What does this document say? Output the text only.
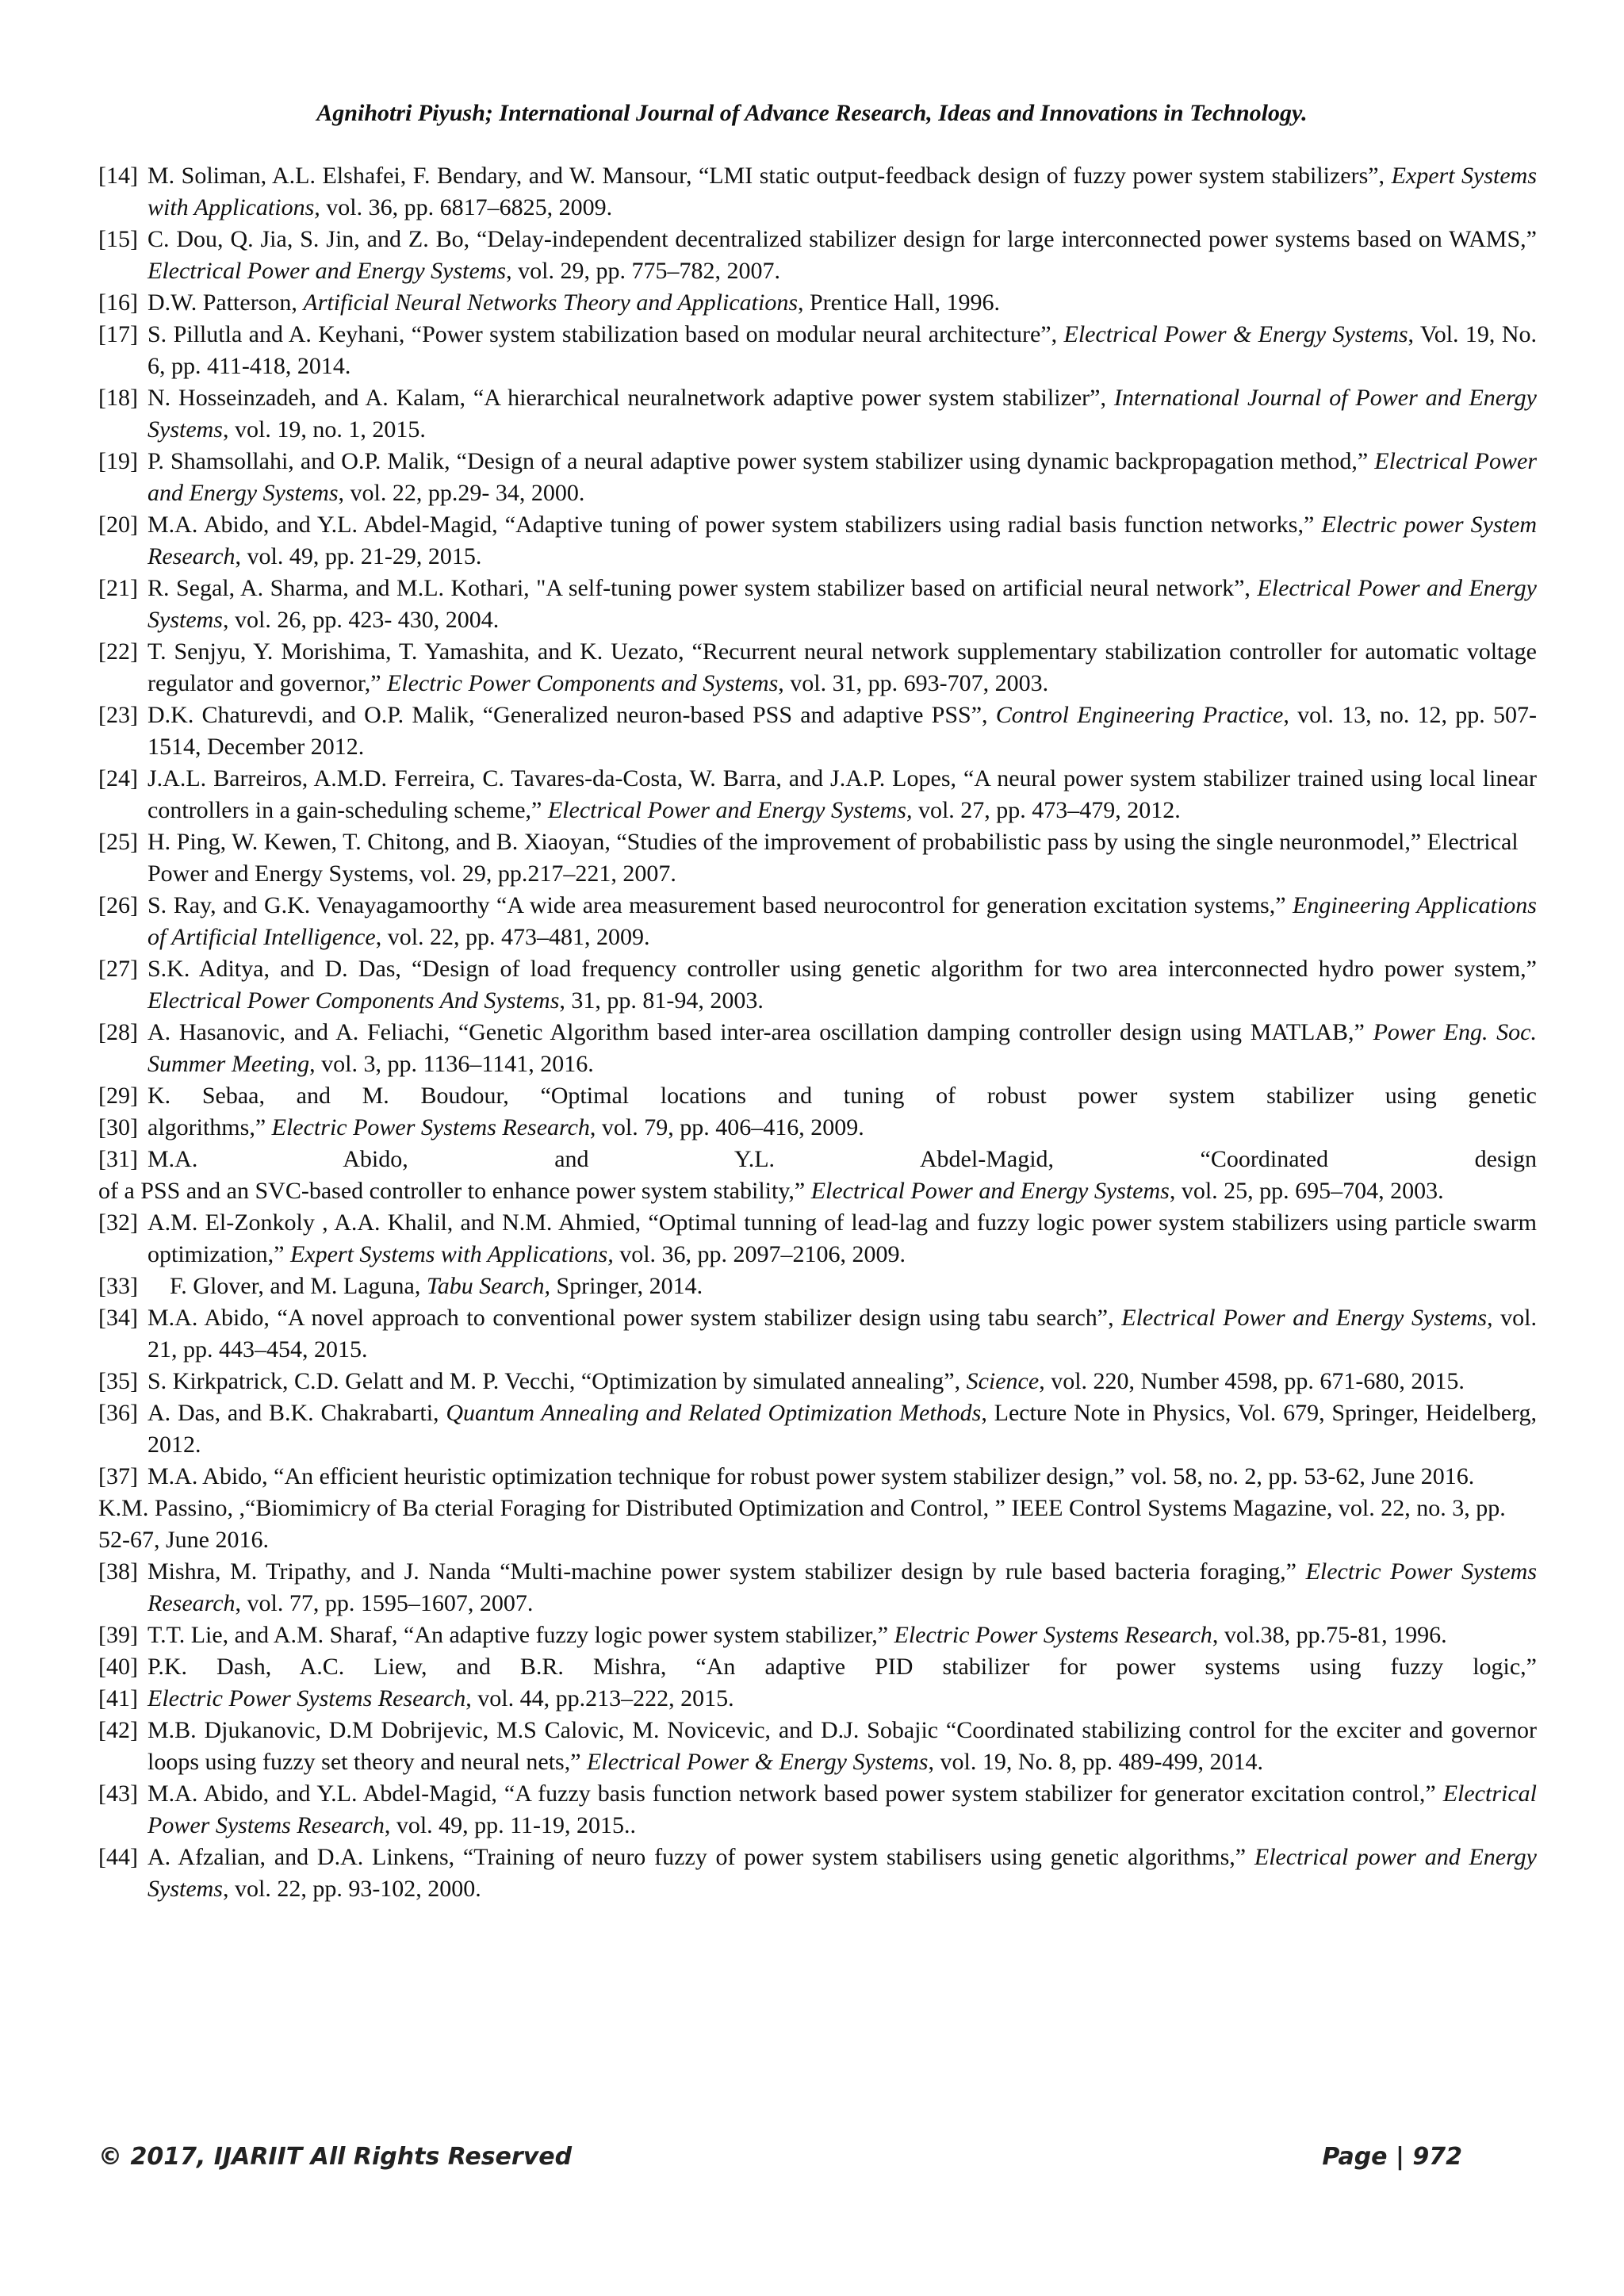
Agnihotri Piyush; International Journal of Advance Research, Ideas and Innovations in Technology.
[14] M. Soliman, A.L. Elshafei, F. Bendary, and W. Mansour, “LMI static output-feedback design of fuzzy power system stabilizers”, Expert Systems with Applications, vol. 36, pp. 6817–6825, 2009.
[15] C. Dou, Q. Jia, S. Jin, and Z. Bo, “Delay-independent decentralized stabilizer design for large interconnected power systems based on WAMS,” Electrical Power and Energy Systems, vol. 29, pp. 775–782, 2007.
[16] D.W. Patterson, Artificial Neural Networks Theory and Applications, Prentice Hall, 1996.
[17] S. Pillutla and A. Keyhani, “Power system stabilization based on modular neural architecture”, Electrical Power & Energy Systems, Vol. 19, No. 6, pp. 411-418, 2014.
[18] N. Hosseinzadeh, and A. Kalam, “A hierarchical neuralnetwork adaptive power system stabilizer”, International Journal of Power and Energy Systems, vol. 19, no. 1, 2015.
[19] P. Shamsollahi, and O.P. Malik, “Design of a neural adaptive power system stabilizer using dynamic backpropagation method,” Electrical Power and Energy Systems, vol. 22, pp.29- 34, 2000.
[20] M.A. Abido, and Y.L. Abdel-Magid, “Adaptive tuning of power system stabilizers using radial basis function networks,” Electric power System Research, vol. 49, pp. 21-29, 2015.
[21] R. Segal, A. Sharma, and M.L. Kothari, "A self-tuning power system stabilizer based on artificial neural network”, Electrical Power and Energy Systems, vol. 26, pp. 423- 430, 2004.
[22] T. Senjyu, Y. Morishima, T. Yamashita, and K. Uezato, “Recurrent neural network supplementary stabilization controller for automatic voltage regulator and governor,” Electric Power Components and Systems, vol. 31, pp. 693-707, 2003.
[23] D.K. Chaturevdi, and O.P. Malik, “Generalized neuron-based PSS and adaptive PSS”, Control Engineering Practice, vol. 13, no. 12, pp. 507-1514, December 2012.
[24] J.A.L. Barreiros, A.M.D. Ferreira, C. Tavares-da-Costa, W. Barra, and J.A.P. Lopes, “A neural power system stabilizer trained using local linear controllers in a gain-scheduling scheme,” Electrical Power and Energy Systems, vol. 27, pp. 473–479, 2012.
[25] H. Ping, W. Kewen, T. Chitong, and B. Xiaoyan, “Studies of the improvement of probabilistic pass by using the single neuronmodel,” Electrical Power and Energy Systems, vol. 29, pp.217–221, 2007.
[26] S. Ray, and G.K. Venayagamoorthy “A wide area measurement based neurocontrol for generation excitation systems,” Engineering Applications of Artificial Intelligence, vol. 22, pp. 473–481, 2009.
[27] S.K. Aditya, and D. Das, “Design of load frequency controller using genetic algorithm for two area interconnected hydro power system,” Electrical Power Components And Systems, 31, pp. 81-94, 2003.
[28] A. Hasanovic, and A. Feliachi, “Genetic Algorithm based inter-area oscillation damping controller design using MATLAB,” Power Eng. Soc. Summer Meeting, vol. 3, pp. 1136–1141, 2016.
[29] K. Sebaa, and M. Boudour, “Optimal locations and tuning of robust power system stabilizer using genetic
[30] algorithms,” Electric Power Systems Research, vol. 79, pp. 406–416, 2009.
[31] M.A. Abido, and Y.L. Abdel-Magid, “Coordinated design
of a PSS and an SVC-based controller to enhance power system stability,” Electrical Power and Energy Systems, vol. 25, pp. 695–704, 2003.
[32] A.M. El-Zonkoly , A.A. Khalil, and N.M. Ahmied, “Optimal tunning of lead-lag and fuzzy logic power system stabilizers using particle swarm optimization,” Expert Systems with Applications, vol. 36, pp. 2097–2106, 2009.
[33] F. Glover, and M. Laguna, Tabu Search, Springer, 2014.
[34] M.A. Abido, “A novel approach to conventional power system stabilizer design using tabu search”, Electrical Power and Energy Systems, vol. 21, pp. 443–454, 2015.
[35] S. Kirkpatrick, C.D. Gelatt and M. P. Vecchi, “Optimization by simulated annealing”, Science, vol. 220, Number 4598, pp. 671-680, 2015.
[36] A. Das, and B.K. Chakrabarti, Quantum Annealing and Related Optimization Methods, Lecture Note in Physics, Vol. 679, Springer, Heidelberg, 2012.
[37] M.A. Abido, “An efficient heuristic optimization technique for robust power system stabilizer design,” vol. 58, no. 2, pp. 53-62, June 2016.
K.M. Passino, ,“Biomimicry of Ba cterial Foraging for Distributed Optimization and Control, ” IEEE Control Systems Magazine, vol. 22, no. 3, pp. 52-67, June 2016.
[38] Mishra, M. Tripathy, and J. Nanda “Multi-machine power system stabilizer design by rule based bacteria foraging,” Electric Power Systems Research, vol. 77, pp. 1595–1607, 2007.
[39] T.T. Lie, and A.M. Sharaf, “An adaptive fuzzy logic power system stabilizer,” Electric Power Systems Research, vol.38, pp.75-81, 1996.
[40] P.K. Dash, A.C. Liew, and B.R. Mishra, “An adaptive PID stabilizer for power systems using fuzzy logic,”
[41] Electric Power Systems Research, vol. 44, pp.213–222, 2015.
[42] M.B. Djukanovic, D.M Dobrijevic, M.S Calovic, M. Novicevic, and D.J. Sobajic “Coordinated stabilizing control for the exciter and governor loops using fuzzy set theory and neural nets,” Electrical Power & Energy Systems, vol. 19, No. 8, pp. 489-499, 2014.
[43] M.A. Abido, and Y.L. Abdel-Magid, “A fuzzy basis function network based power system stabilizer for generator excitation control,” Electrical Power Systems Research, vol. 49, pp. 11-19, 2015..
[44] A. Afzalian, and D.A. Linkens, “Training of neuro fuzzy of power system stabilisers using genetic algorithms,” Electrical power and Energy Systems, vol. 22, pp. 93-102, 2000.
© 2017, IJARIIT All Rights Reserved	Page | 972
